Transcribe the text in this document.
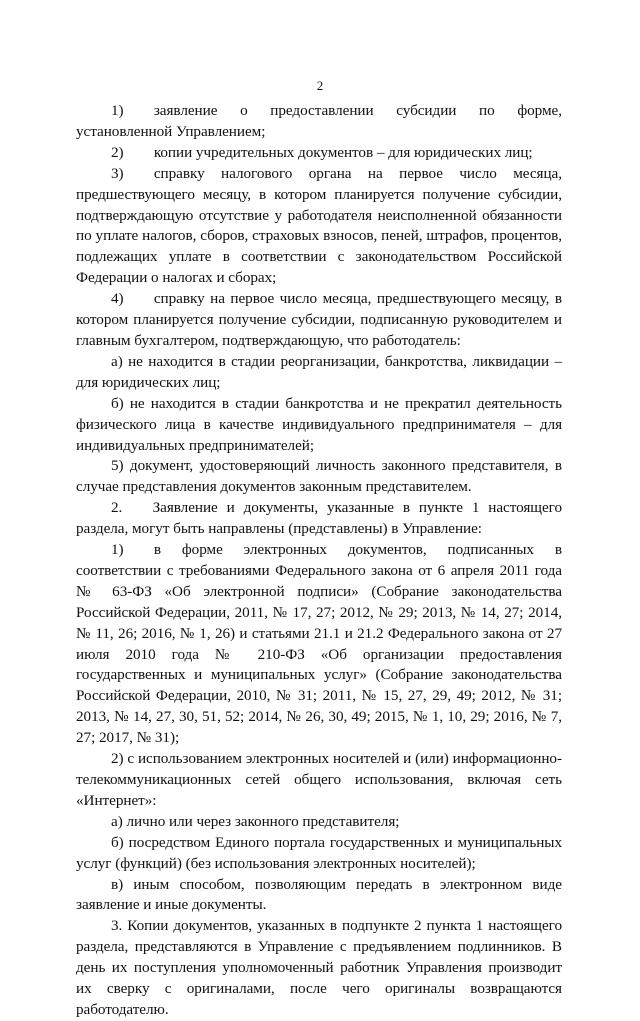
2

1)  заявление о предоставлении субсидии по форме, установленной Управлением;

2)  копии учредительных документов – для юридических лиц;

3)  справку налогового органа на первое число месяца, предшествующего месяцу, в котором планируется получение субсидии, подтверждающую отсутствие у работодателя неисполненной обязанности по уплате налогов, сборов, страховых взносов, пеней, штрафов, процентов, подлежащих уплате в соответствии с законодательством Российской Федерации о налогах и сборах;

4)  справку на первое число месяца, предшествующего месяцу, в котором планируется получение субсидии, подписанную руководителем и главным бухгалтером, подтверждающую, что работодатель:

а) не находится в стадии реорганизации, банкротства, ликвидации – для юридических лиц;

б) не находится в стадии банкротства и не прекратил деятельность физического лица в качестве индивидуального предпринимателя – для индивидуальных предпринимателей;

5) документ, удостоверяющий личность законного представителя, в случае представления документов законным представителем.

2.  Заявление и документы, указанные в пункте 1 настоящего раздела, могут быть направлены (представлены) в Управление:

1)  в форме электронных документов, подписанных в соответствии с требованиями Федерального закона от 6 апреля 2011 года № 63-ФЗ «Об электронной подписи» (Собрание законодательства Российской Федерации, 2011, № 17, 27; 2012, № 29; 2013, № 14, 27; 2014, № 11, 26; 2016, № 1, 26) и статьями 21.1 и 21.2 Федерального закона от 27 июля 2010 года № 210-ФЗ «Об организации предоставления государственных и муниципальных услуг» (Собрание законодательства Российской Федерации, 2010, № 31; 2011, № 15, 27, 29, 49; 2012, № 31; 2013, № 14, 27, 30, 51, 52; 2014, № 26, 30, 49; 2015, № 1, 10, 29; 2016, № 7, 27; 2017, № 31);

2) с использованием электронных носителей и (или) информационно-телекоммуникационных сетей общего использования, включая сеть «Интернет»:

а) лично или через законного представителя;

б) посредством Единого портала государственных и муниципальных услуг (функций) (без использования электронных носителей);

в) иным способом, позволяющим передать в электронном виде заявление и иные документы.

3. Копии документов, указанных в подпункте 2 пункта 1 настоящего раздела, представляются в Управление с предъявлением подлинников. В день их поступления уполномоченный работник Управления производит их сверку с оригиналами, после чего оригиналы возвращаются работодателю.
